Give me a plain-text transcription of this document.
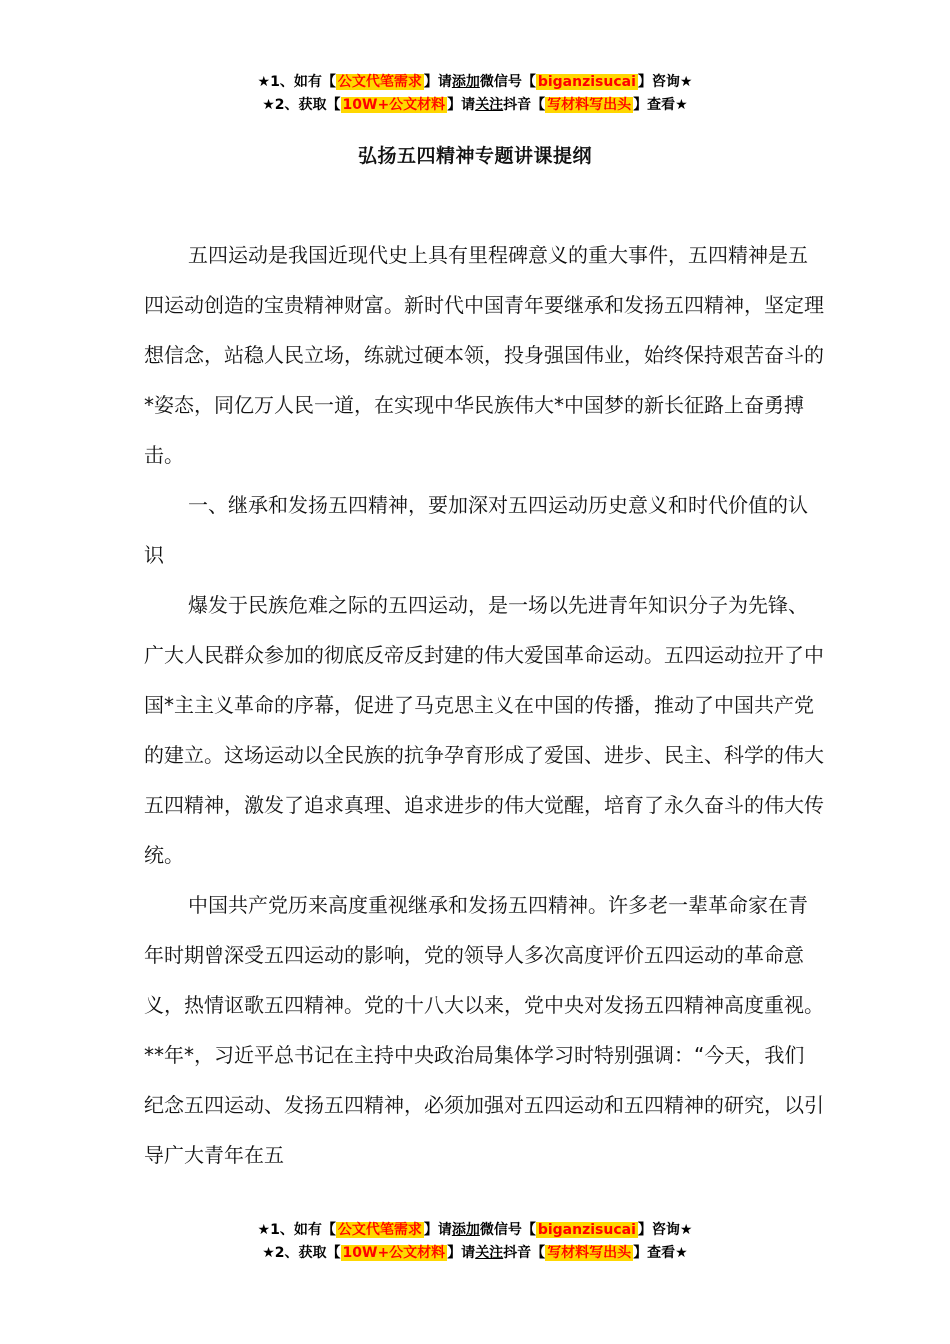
★1、如有【 公文代笔需求 】请添加微信号【 biganzisucai 】咨询★
★2、获取【 10W+公文材料 】请关注抖音【 写材料写出头 】查看★
弘扬五四精神专题讲课提纲

五四运动是我国近现代史上具有里程碑意义的重大事件，五四精神是五四运动创造的宝贵精神财富。新时代中国青年要继承和发扬五四精神，坚定理想信念，站稳人民立场，练就过硬本领，投身强国伟业，始终保持艰苦奋斗的*姿态，同亿万人民一道，在实现中华民族伟大*中国梦的新长征路上奋勇搏击。

一、继承和发扬五四精神，要加深对五四运动历史意义和时代价值的认识

爆发于民族危难之际的五四运动，是一场以先进青年知识分子为先锋、广大人民群众参加的彻底反帝反封建的伟大爱国革命运动。五四运动拉开了中国*主主义革命的序幕，促进了马克思主义在中国的传播，推动了中国共产党的建立。这场运动以全民族的抗争孕育形成了爱国、进步、民主、科学的伟大五四精神，激发了追求真理、追求进步的伟大觉醒，培育了永久奋斗的伟大传统。

中国共产党历来高度重视继承和发扬五四精神。许多老一辈革命家在青年时期曾深受五四运动的影响，党的领导人多次高度评价五四运动的革命意义，热情讴歌五四精神。党的十八大以来，党中央对发扬五四精神高度重视。**年*，习近平总书记在主持中央政治局集体学习时特别强调：“今天，我们纪念五四运动、发扬五四精神，必须加强对五四运动和五四精神的研究，以引导广大青年在五

★1、如有【 公文代笔需求 】请添加微信号【 biganzisucai 】咨询★
★2、获取【 10W+公文材料 】请关注抖音【 写材料写出头 】查看★
